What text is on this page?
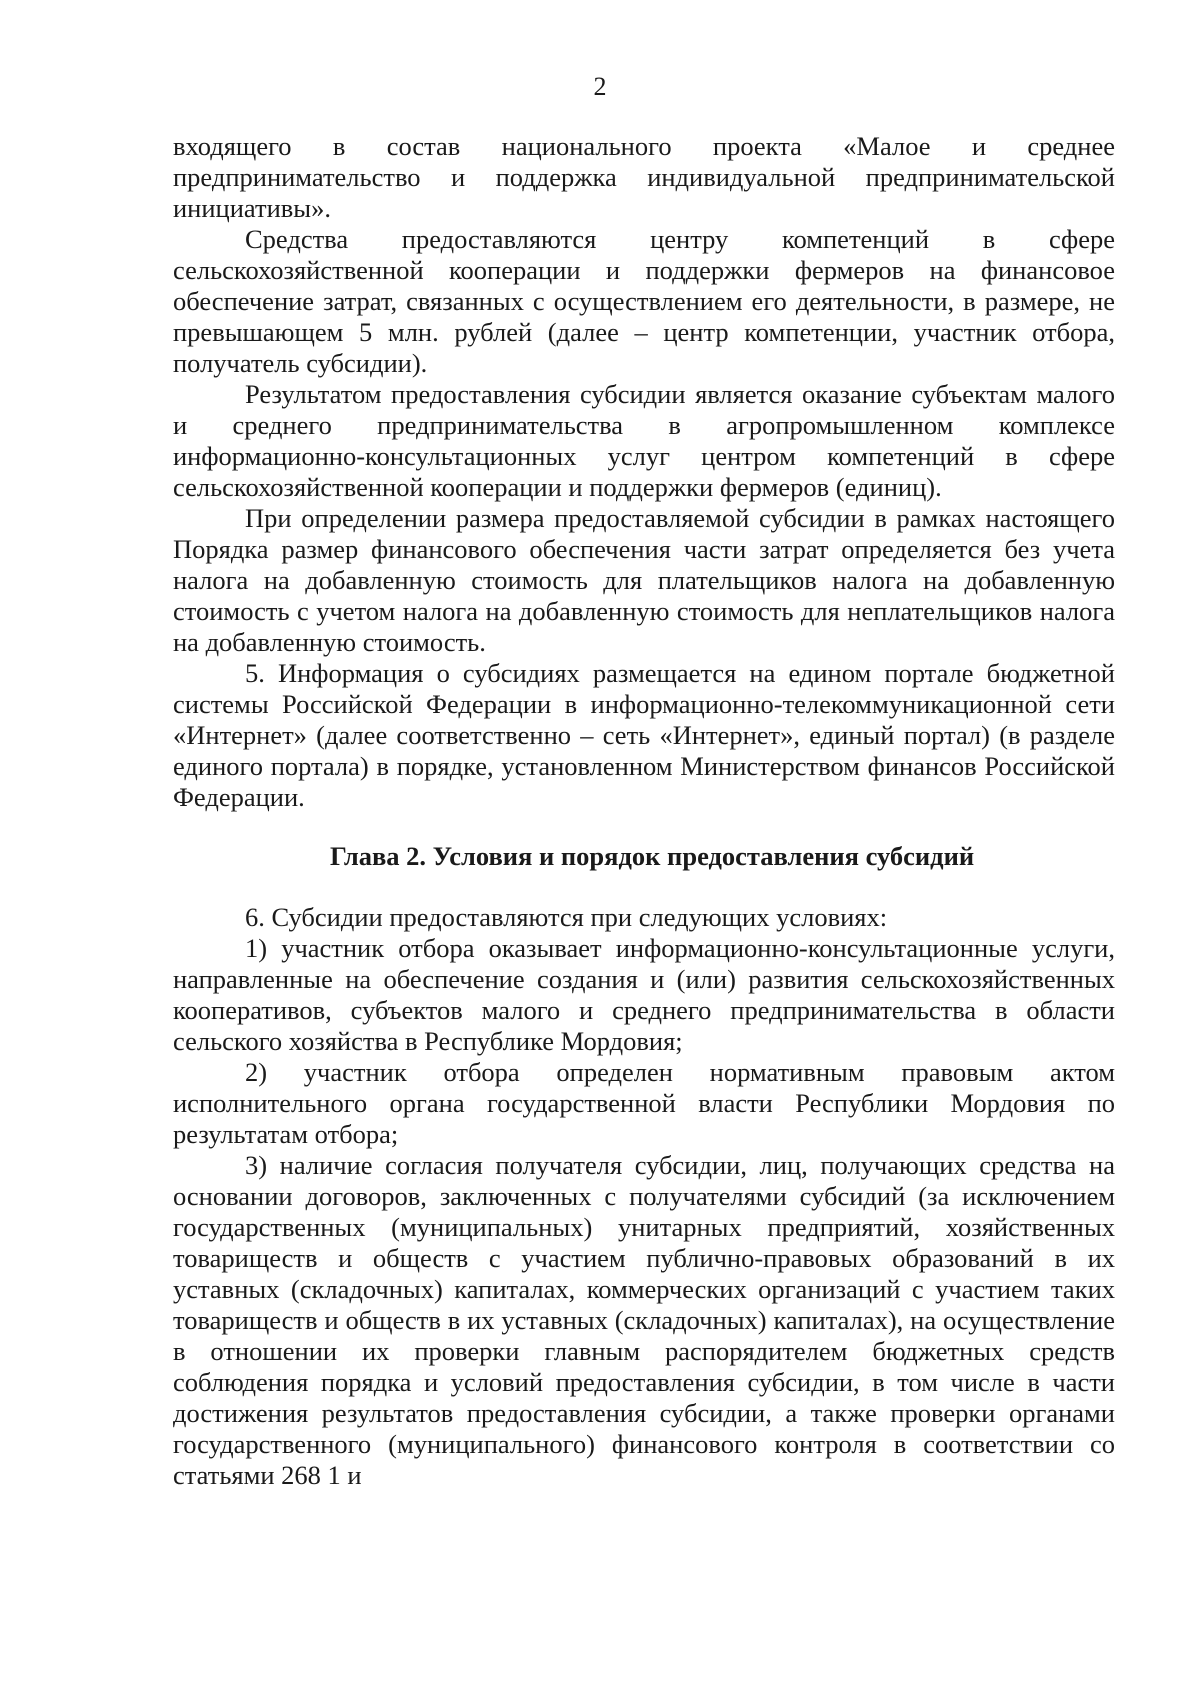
2

входящего в состав национального проекта «Малое и среднее предпринимательство и поддержка индивидуальной предпринимательской инициативы».

Средства предоставляются центру компетенций в сфере сельскохозяйственной кооперации и поддержки фермеров на финансовое обеспечение затрат, связанных с осуществлением его деятельности, в размере, не превышающем 5 млн. рублей (далее – центр компетенции, участник отбора, получатель субсидии).

Результатом предоставления субсидии является оказание субъектам малого и среднего предпринимательства в агропромышленном комплексе информационно-консультационных услуг центром компетенций в сфере сельскохозяйственной кооперации и поддержки фермеров (единиц).

При определении размера предоставляемой субсидии в рамках настоящего Порядка размер финансового обеспечения части затрат определяется без учета налога на добавленную стоимость для плательщиков налога на добавленную стоимость с учетом налога на добавленную стоимость для неплательщиков налога на добавленную стоимость.

5. Информация о субсидиях размещается на едином портале бюджетной системы Российской Федерации в информационно-телекоммуникационной сети «Интернет» (далее соответственно – сеть «Интернет», единый портал) (в разделе единого портала) в порядке, установленном Министерством финансов Российской Федерации.

Глава 2. Условия и порядок предоставления субсидий

6. Субсидии предоставляются при следующих условиях:

1) участник отбора оказывает информационно-консультационные услуги, направленные на обеспечение создания и (или) развития сельскохозяйственных кооперативов, субъектов малого и среднего предпринимательства в области сельского хозяйства в Республике Мордовия;

2) участник отбора определен нормативным правовым актом исполнительного органа государственной власти Республики Мордовия по результатам отбора;

3) наличие согласия получателя субсидии, лиц, получающих средства на основании договоров, заключенных с получателями субсидий (за исключением государственных (муниципальных) унитарных предприятий, хозяйственных товариществ и обществ с участием публично-правовых образований в их уставных (складочных) капиталах, коммерческих организаций с участием таких товариществ и обществ в их уставных (складочных) капиталах), на осуществление в отношении их проверки главным распорядителем бюджетных средств соблюдения порядка и условий предоставления субсидии, в том числе в части достижения результатов предоставления субсидии, а также проверки органами государственного (муниципального) финансового контроля в соответствии со статьями 268 1 и
